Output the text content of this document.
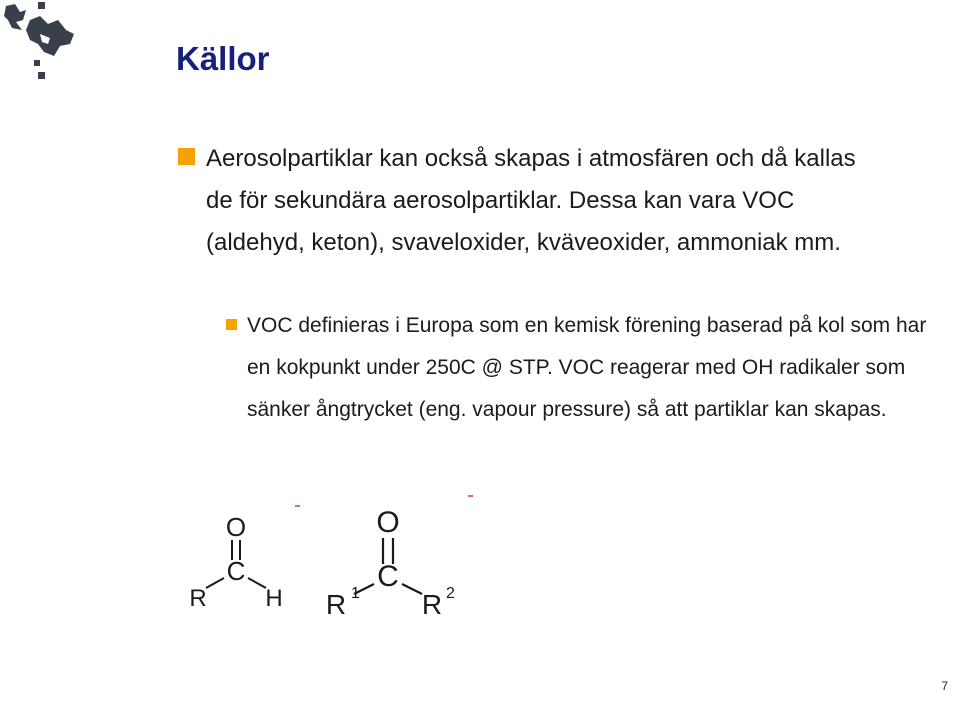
Källor
Aerosolpartiklar kan också skapas i atmosfären och då kallas de för sekundära aerosolpartiklar. Dessa kan vara VOC (aldehyd, keton), svaveloxider, kväveoxider, ammoniak mm.
VOC definieras i Europa som en kemisk förening baserad på kol som har en kokpunkt under 250C @ STP. VOC reagerar med OH radikaler som sänker ångtrycket (eng. vapour pressure) så att partiklar kan skapas.
O
C
R H
O
C
R 1 R 2
7
